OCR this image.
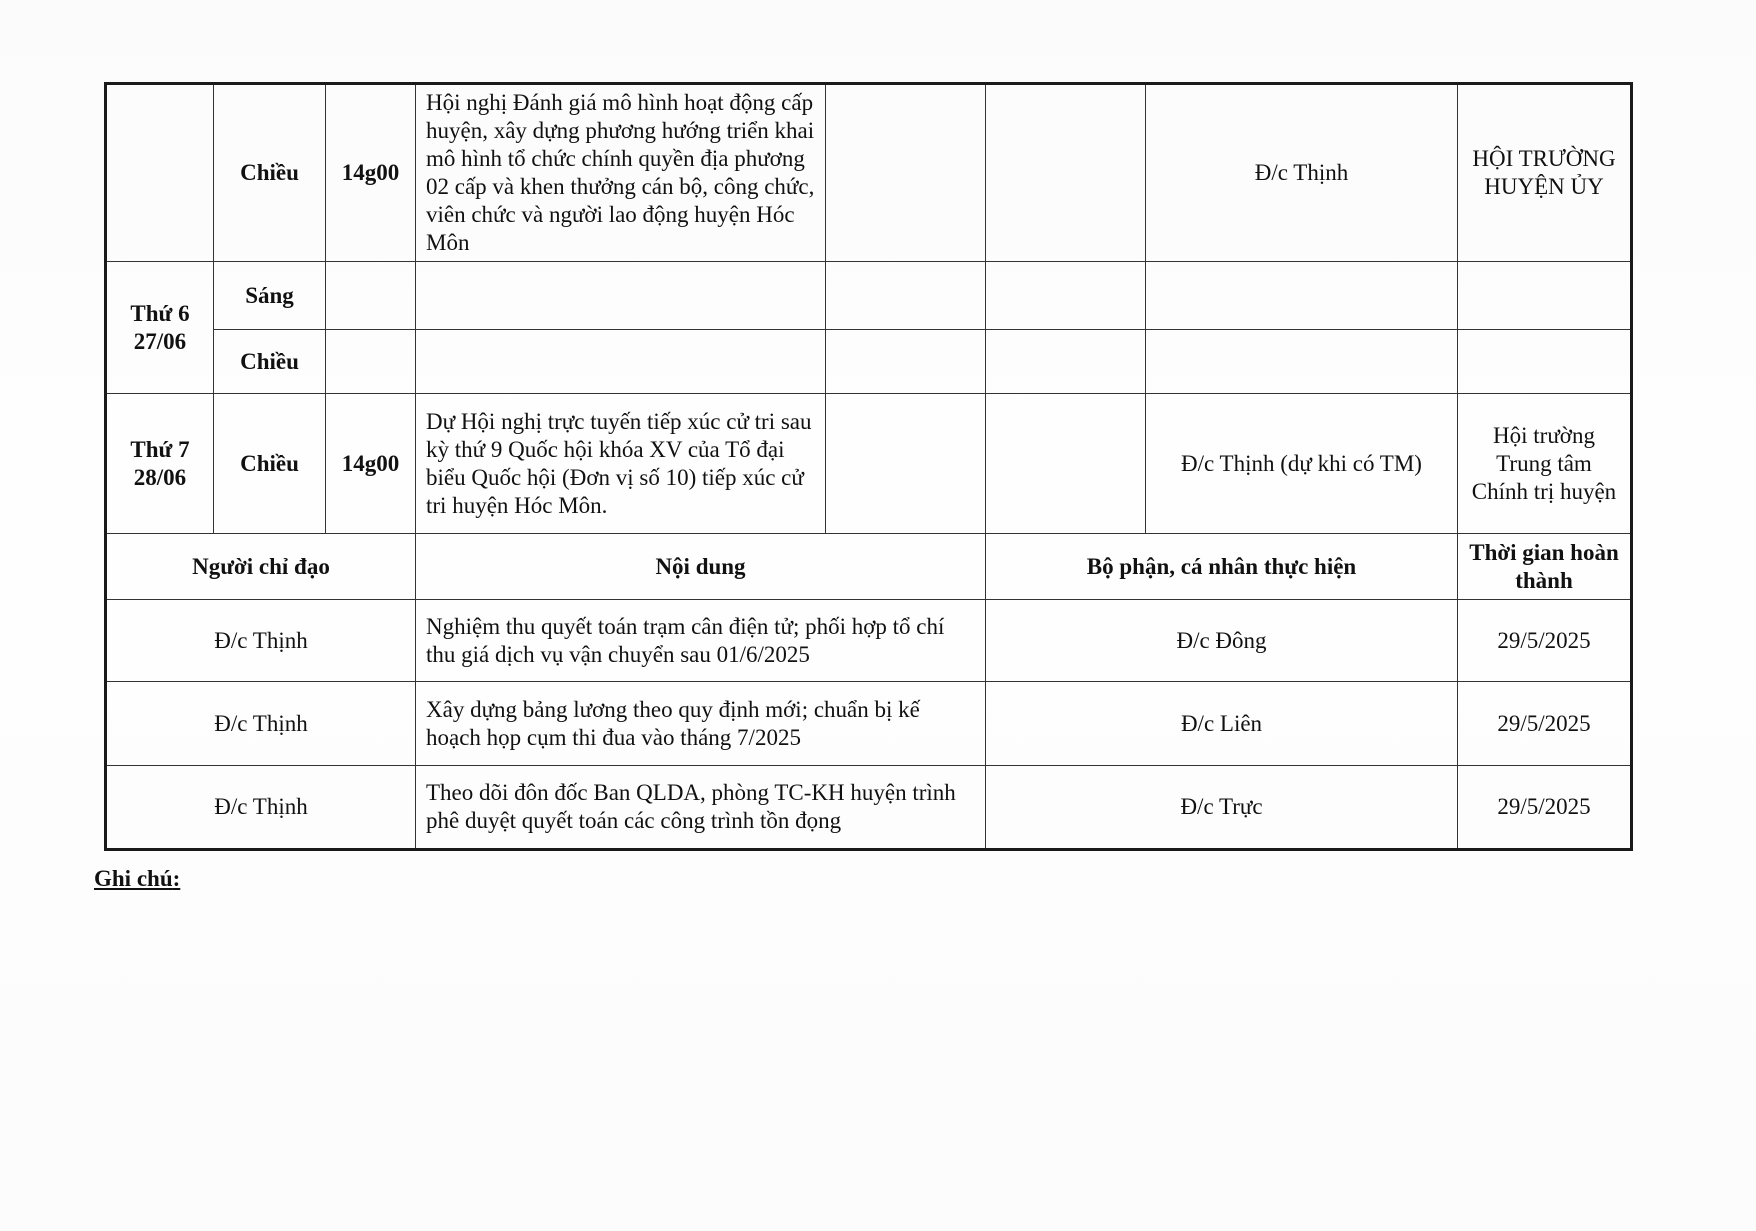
	Chiều	14g00	Hội nghị Đánh giá mô hình hoạt động cấp huyện, xây dựng phương hướng triển khai mô hình tổ chức chính quyền địa phương 02 cấp và khen thưởng cán bộ, công chức, viên chức và người lao động huyện Hóc Môn			Đ/c Thịnh	HỘI TRƯỜNG HUYỆN ỦY
Thứ 6 27/06	Sáng						
	Chiều						
Thứ 7 28/06	Chiều	14g00	Dự Hội nghị trực tuyến tiếp xúc cử tri sau kỳ thứ 9 Quốc hội khóa XV của Tổ đại biểu Quốc hội (Đơn vị số 10) tiếp xúc cử tri huyện Hóc Môn.			Đ/c Thịnh (dự khi có TM)	Hội trường Trung tâm Chính trị huyện
Người chỉ đạo			Nội dung		Bộ phận, cá nhân thực hiện		Thời gian hoàn thành
Đ/c Thịnh			Nghiệm thu quyết toán trạm cân điện tử; phối hợp tổ chí thu giá dịch vụ vận chuyển sau 01/6/2025		Đ/c Đông		29/5/2025
Đ/c Thịnh			Xây dựng bảng lương theo quy định mới; chuẩn bị kế hoạch họp cụm thi đua vào tháng 7/2025		Đ/c Liên		29/5/2025
Đ/c Thịnh			Theo dõi đôn đốc Ban QLDA, phòng TC-KH huyện trình phê duyệt quyết toán các công trình tồn đọng		Đ/c Trực		29/5/2025
Ghi chú:
